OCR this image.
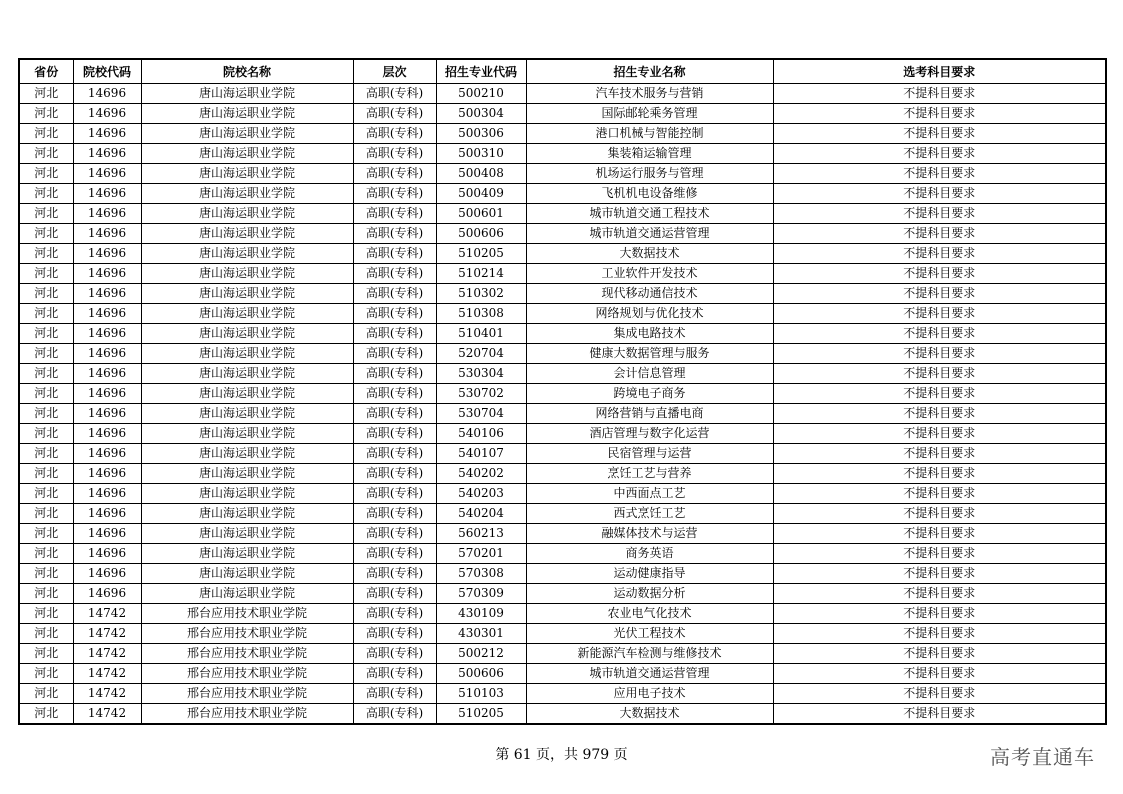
省份	院校代码	院校名称	层次	招生专业代码	招生专业名称	选考科目要求
河北	14696	唐山海运职业学院	高职(专科)	500210	汽车技术服务与营销	不提科目要求
河北	14696	唐山海运职业学院	高职(专科)	500304	国际邮轮乘务管理	不提科目要求
河北	14696	唐山海运职业学院	高职(专科)	500306	港口机械与智能控制	不提科目要求
河北	14696	唐山海运职业学院	高职(专科)	500310	集装箱运输管理	不提科目要求
河北	14696	唐山海运职业学院	高职(专科)	500408	机场运行服务与管理	不提科目要求
河北	14696	唐山海运职业学院	高职(专科)	500409	飞机机电设备维修	不提科目要求
河北	14696	唐山海运职业学院	高职(专科)	500601	城市轨道交通工程技术	不提科目要求
河北	14696	唐山海运职业学院	高职(专科)	500606	城市轨道交通运营管理	不提科目要求
河北	14696	唐山海运职业学院	高职(专科)	510205	大数据技术	不提科目要求
河北	14696	唐山海运职业学院	高职(专科)	510214	工业软件开发技术	不提科目要求
河北	14696	唐山海运职业学院	高职(专科)	510302	现代移动通信技术	不提科目要求
河北	14696	唐山海运职业学院	高职(专科)	510308	网络规划与优化技术	不提科目要求
河北	14696	唐山海运职业学院	高职(专科)	510401	集成电路技术	不提科目要求
河北	14696	唐山海运职业学院	高职(专科)	520704	健康大数据管理与服务	不提科目要求
河北	14696	唐山海运职业学院	高职(专科)	530304	会计信息管理	不提科目要求
河北	14696	唐山海运职业学院	高职(专科)	530702	跨境电子商务	不提科目要求
河北	14696	唐山海运职业学院	高职(专科)	530704	网络营销与直播电商	不提科目要求
河北	14696	唐山海运职业学院	高职(专科)	540106	酒店管理与数字化运营	不提科目要求
河北	14696	唐山海运职业学院	高职(专科)	540107	民宿管理与运营	不提科目要求
河北	14696	唐山海运职业学院	高职(专科)	540202	烹饪工艺与营养	不提科目要求
河北	14696	唐山海运职业学院	高职(专科)	540203	中西面点工艺	不提科目要求
河北	14696	唐山海运职业学院	高职(专科)	540204	西式烹饪工艺	不提科目要求
河北	14696	唐山海运职业学院	高职(专科)	560213	融媒体技术与运营	不提科目要求
河北	14696	唐山海运职业学院	高职(专科)	570201	商务英语	不提科目要求
河北	14696	唐山海运职业学院	高职(专科)	570308	运动健康指导	不提科目要求
河北	14696	唐山海运职业学院	高职(专科)	570309	运动数据分析	不提科目要求
河北	14742	邢台应用技术职业学院	高职(专科)	430109	农业电气化技术	不提科目要求
河北	14742	邢台应用技术职业学院	高职(专科)	430301	光伏工程技术	不提科目要求
河北	14742	邢台应用技术职业学院	高职(专科)	500212	新能源汽车检测与维修技术	不提科目要求
河北	14742	邢台应用技术职业学院	高职(专科)	500606	城市轨道交通运营管理	不提科目要求
河北	14742	邢台应用技术职业学院	高职(专科)	510103	应用电子技术	不提科目要求
河北	14742	邢台应用技术职业学院	高职(专科)	510205	大数据技术	不提科目要求
第 61 页，共 979 页	高考直通车
